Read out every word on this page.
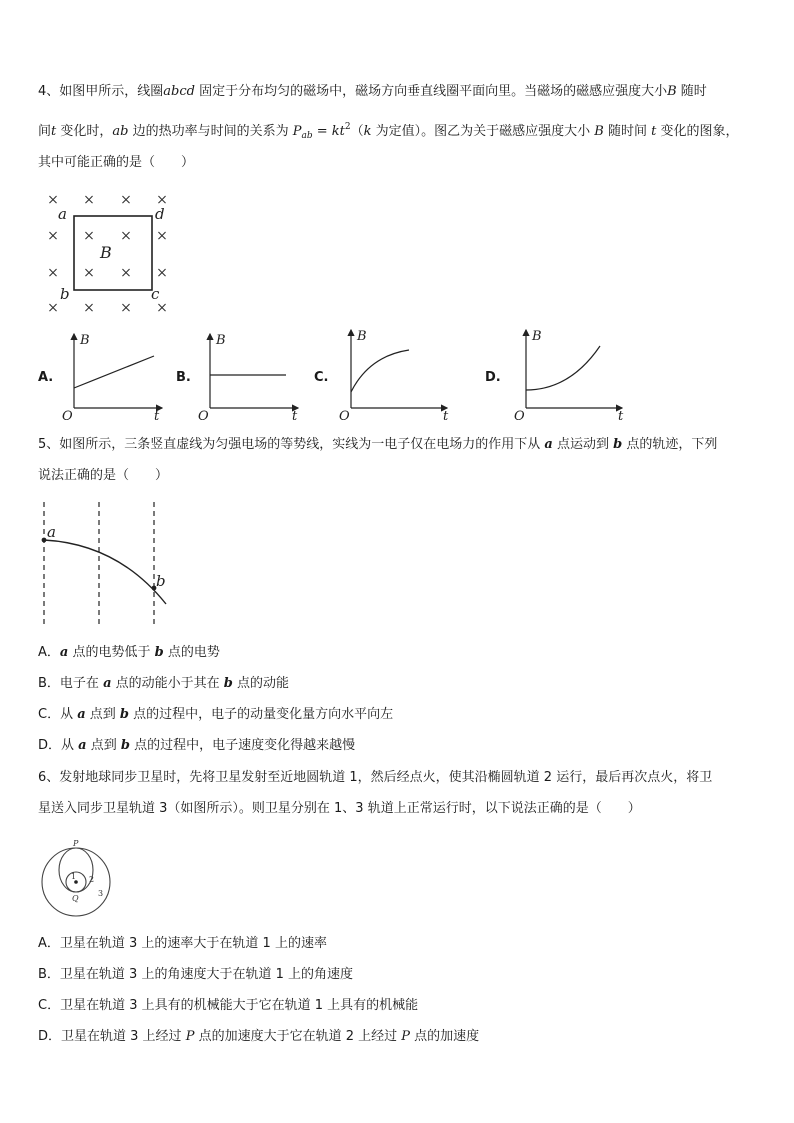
4、如图甲所示，线圈abcd 固定于分布均匀的磁场中，磁场方向垂直线圈平面向里。当磁场的磁感应强度大小B 随时
间t 变化时，ab 边的热功率与时间的关系为 $P_{ab} = kt^2(k$ 为定值）。图乙为关于磁感应强度大小 B 随时间 t 变化的图象，
其中可能正确的是（　　）
× × × ×
× × × ×
× × × ×
× × × ×
a	d
b	c
B
A.
B
t
O
B.
B
t
O
C.
B
t
O
D.
B
t
O
5、如图所示，三条竖直虚线为匀强电场的等势线，实线为一电子仅在电场力的作用下从 a 点运动到 b 点的轨迹，下列
说法正确的是（　　）
a
b
A．a 点的电势低于 b 点的电势
B．电子在 a 点的动能小于其在 b 点的动能
C．从 a 点到 b 点的过程中，电子的动量变化量方向水平向左
D．从 a 点到 b 点的过程中，电子速度变化得越来越慢
6、发射地球同步卫星时，先将卫星发射至近地圆轨道 1，然后经点火，使其沿椭圆轨道 2 运行，最后再次点火，将卫
星送入同步卫星轨道 3（如图所示）。则卫星分别在 1、3 轨道上正常运行时，以下说法正确的是（　　）
P
Q
1 2
3
A．卫星在轨道 3 上的速率大于在轨道 1 上的速率
B．卫星在轨道 3 上的角速度大于在轨道 1 上的角速度
C．卫星在轨道 3 上具有的机械能大于它在轨道 1 上具有的机械能
D．卫星在轨道 3 上经过 P 点的加速度大于它在轨道 2 上经过 P 点的加速度
